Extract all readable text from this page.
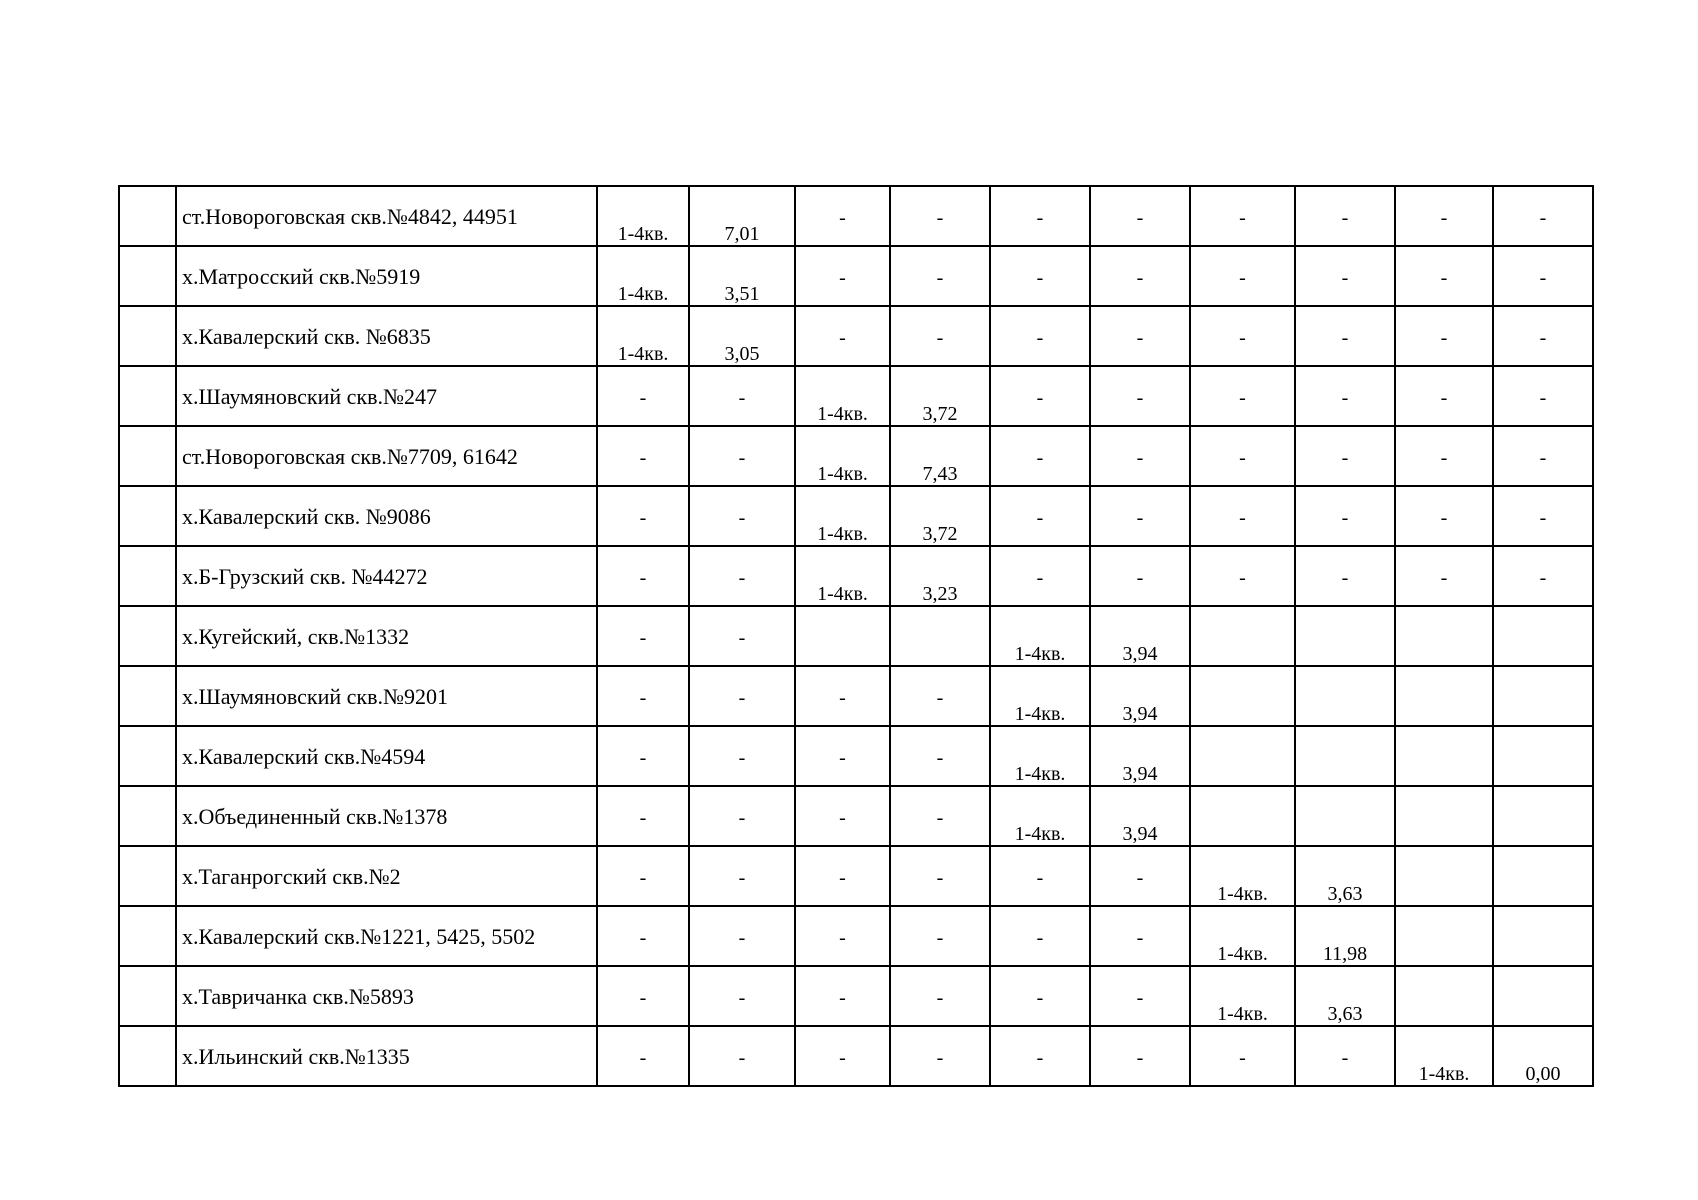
	ст.Новороговская скв.№4842, 44951	1-4кв.	7,01	-	-	-	-	-	-	-	-

	х.Матросский скв.№5919	1-4кв.	3,51	-	-	-	-	-	-	-	-

	х.Кавалерский скв. №6835	1-4кв.	3,05	-	-	-	-	-	-	-	-

	х.Шаумяновский скв.№247	-	-	1-4кв.	3,72	-	-	-	-	-	-

	ст.Новороговская скв.№7709, 61642	-	-	1-4кв.	7,43	-	-	-	-	-	-

	х.Кавалерский скв. №9086	-	-	1-4кв.	3,72	-	-	-	-	-	-

	х.Б-Грузский скв. №44272	-	-	1-4кв.	3,23	-	-	-	-	-	-

	х.Кугейский, скв.№1332	-	-			1-4кв.	3,94				

	х.Шаумяновский скв.№9201	-	-	-	-	1-4кв.	3,94				

	х.Кавалерский скв.№4594	-	-	-	-	1-4кв.	3,94				

	х.Объединенный скв.№1378	-	-	-	-	1-4кв.	3,94				

	х.Таганрогский скв.№2	-	-	-	-	-	-	1-4кв.	3,63		

	х.Кавалерский скв.№1221, 5425, 5502	-	-	-	-	-	-	1-4кв.	11,98		

	х.Тавричанка скв.№5893	-	-	-	-	-	-	1-4кв.	3,63		

	х.Ильинский скв.№1335	-	-	-	-	-	-	-	-	1-4кв.	0,00
